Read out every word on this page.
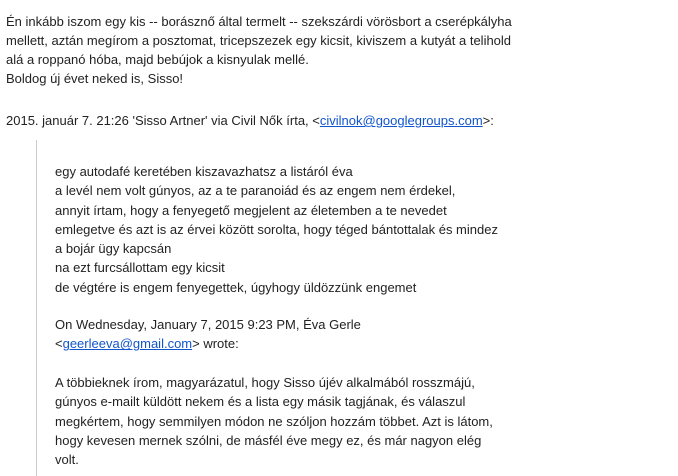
Én inkább iszom egy kis -- borásznő által termelt -- szekszárdi vörösbort a cserépkályha
mellett, aztán megírom a posztomat, tricepszezek egy kicsit, kiviszem a kutyát a telihold
alá a roppanó hóba, majd bebújok a kisnyulak mellé.
Boldog új évet neked is, Sisso!
2015. január 7. 21:26 'Sisso Artner' via Civil Nők írta, <civilnok@googlegroups.com>:
egy autodafé keretében kiszavazhatsz a listáról éva
a levél nem volt gúnyos, az a te paranoiád és az engem nem érdekel,
annyit írtam, hogy a fenyegető megjelent az életemben a te nevedet
emlegetve és azt is az érvei között sorolta, hogy téged bántottalak és mindez
a bojár ügy kapcsán
na ezt furcsállottam egy kicsit
de végtére is engem fenyegettek, úgyhogy üldözzünk engemet
On Wednesday, January 7, 2015 9:23 PM, Éva Gerle
<geerleeva@gmail.com> wrote:
A többieknek írom, magyarázatul, hogy Sisso újév alkalmából rosszmájú,
gúnyos e-mailt küldött nekem és a lista egy másik tagjának, és válaszul
megkértem, hogy semmilyen módon ne szóljon hozzám többet. Azt is látom,
hogy kevesen mernek szólni, de másfél éve megy ez, és már nagyon elég
volt.
